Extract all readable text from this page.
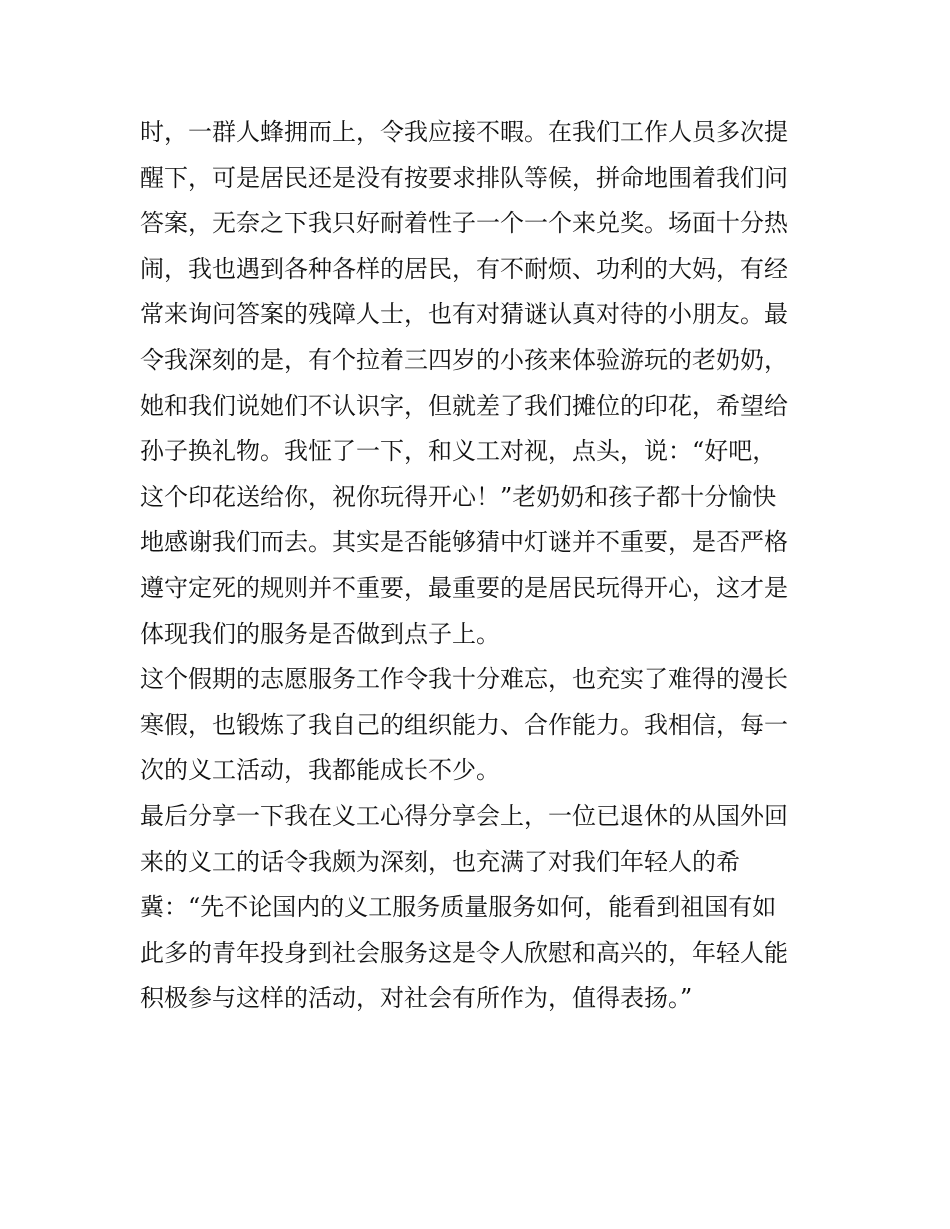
时，一群人蜂拥而上，令我应接不暇。在我们工作人员多次提
醒下，可是居民还是没有按要求排队等候，拼命地围着我们问
答案，无奈之下我只好耐着性子一个一个来兑奖。场面十分热
闹，我也遇到各种各样的居民，有不耐烦、功利的大妈，有经
常来询问答案的残障人士，也有对猜谜认真对待的小朋友。最
令我深刻的是，有个拉着三四岁的小孩来体验游玩的老奶奶，
她和我们说她们不认识字，但就差了我们摊位的印花，希望给
孙子换礼物。我怔了一下，和义工对视，点头，说：“好吧，
这个印花送给你，祝你玩得开心！”老奶奶和孩子都十分愉快
地感谢我们而去。其实是否能够猜中灯谜并不重要，是否严格
遵守定死的规则并不重要，最重要的是居民玩得开心，这才是
体现我们的服务是否做到点子上。
这个假期的志愿服务工作令我十分难忘，也充实了难得的漫长
寒假，也锻炼了我自己的组织能力、合作能力。我相信，每一
次的义工活动，我都能成长不少。
最后分享一下我在义工心得分享会上，一位已退休的从国外回
来的义工的话令我颇为深刻，也充满了对我们年轻人的希
冀：“先不论国内的义工服务质量服务如何，能看到祖国有如
此多的青年投身到社会服务这是令人欣慰和高兴的，年轻人能
积极参与这样的活动，对社会有所作为，值得表扬。”
